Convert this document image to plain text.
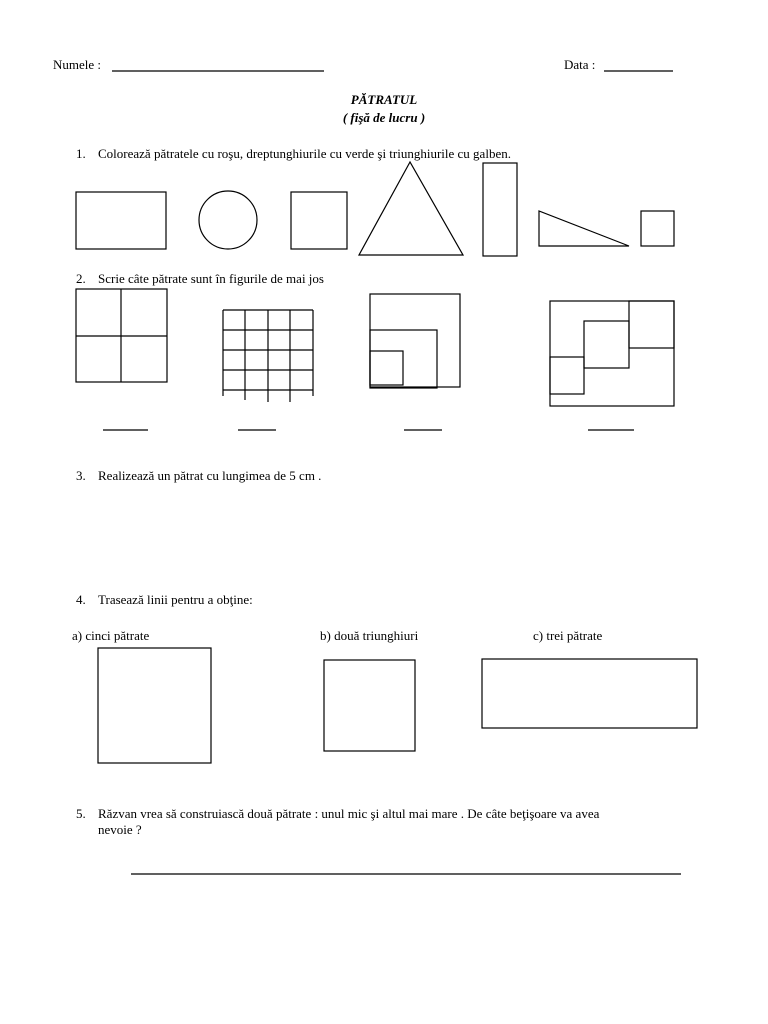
Numele :	Data :
PĂTRATUL
( fişă de lucru )
1. Colorează pătratele cu roşu, dreptunghiurile cu verde şi triunghiurile cu galben.
2. Scrie câte pătrate sunt în figurile de mai jos
3. Realizează un pătrat cu lungimea de 5 cm .
4. Trasează linii pentru a obţine:
a) cinci pătrate	b) două triunghiuri	c) trei pătrate
5. Răzvan vrea să construiască două pătrate : unul mic şi altul mai mare . De câte beţişoare va avea
nevoie ?
